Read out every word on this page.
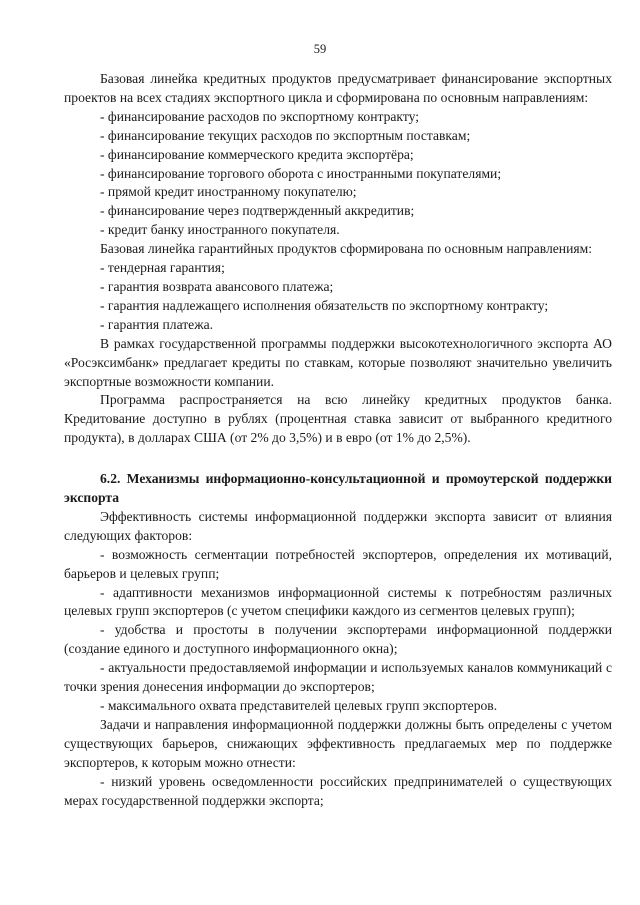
59

Базовая линейка кредитных продуктов предусматривает финансирование экспортных проектов на всех стадиях экспортного цикла и сформирована по основным направлениям:

- финансирование расходов по экспортному контракту;

- финансирование текущих расходов по экспортным поставкам;

- финансирование коммерческого кредита экспортёра;

- финансирование торгового оборота с иностранными покупателями;

- прямой кредит иностранному покупателю;

- финансирование через подтвержденный аккредитив;

- кредит банку иностранного покупателя.

Базовая линейка гарантийных продуктов сформирована по основным направлениям:

- тендерная гарантия;

- гарантия возврата авансового платежа;

- гарантия надлежащего исполнения обязательств по экспортному контракту;

- гарантия платежа.

В рамках государственной программы поддержки высокотехнологичного экспорта АО «Росэксимбанк» предлагает кредиты по ставкам, которые позволяют значительно увеличить экспортные возможности компании.

Программа распространяется на всю линейку кредитных продуктов банка. Кредитование доступно в рублях (процентная ставка зависит от выбранного кредитного продукта), в долларах США (от 2% до 3,5%) и в евро (от 1% до 2,5%).

6.2. Механизмы информационно-консультационной и промоутерской поддержки экспорта

Эффективность системы информационной поддержки экспорта зависит от влияния следующих факторов:

- возможность сегментации потребностей экспортеров, определения их мотиваций, барьеров и целевых групп;

- адаптивности механизмов информационной системы к потребностям различных целевых групп экспортеров (с учетом специфики каждого из сегментов целевых групп);

- удобства и простоты в получении экспортерами информационной поддержки (создание единого и доступного информационного окна);

- актуальности предоставляемой информации и используемых каналов коммуникаций с точки зрения донесения информации до экспортеров;

- максимального охвата представителей целевых групп экспортеров.

Задачи и направления информационной поддержки должны быть определены с учетом существующих барьеров, снижающих эффективность предлагаемых мер по поддержке экспортеров, к которым можно отнести:

- низкий уровень осведомленности российских предпринимателей о существующих мерах государственной поддержки экспорта;
